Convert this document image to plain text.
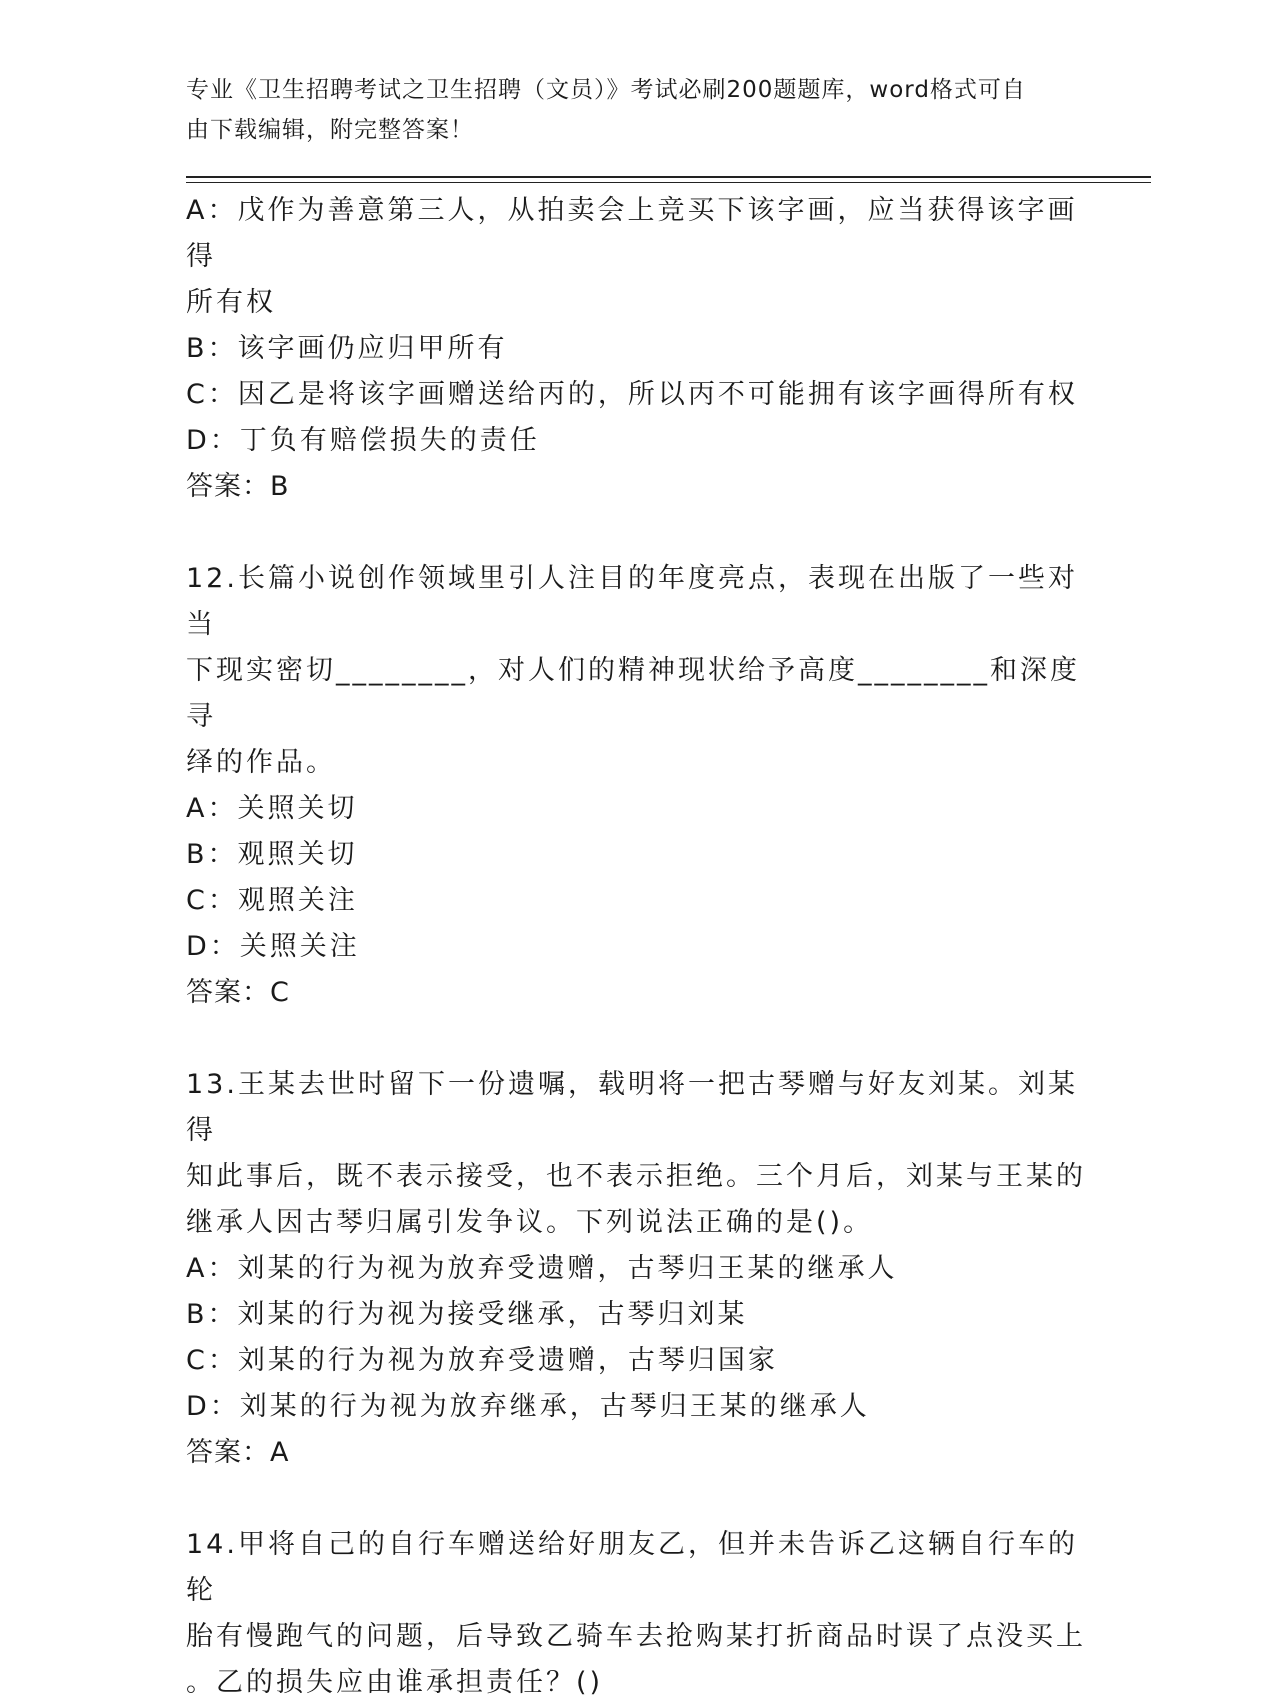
专业《卫生招聘考试之卫生招聘（文员）》考试必刷200题题库，word格式可自
由下载编辑，附完整答案！

A：戊作为善意第三人，从拍卖会上竞买下该字画，应当获得该字画得

所有权

B：该字画仍应归甲所有

C：因乙是将该字画赠送给丙的，所以丙不可能拥有该字画得所有权

D：丁负有赔偿损失的责任

答案：B

12.长篇小说创作领域里引人注目的年度亮点，表现在出版了一些对当

下现实密切________，对人们的精神现状给予高度________和深度寻

绎的作品。

A：关照关切

B：观照关切

C：观照关注

D：关照关注

答案：C

13.王某去世时留下一份遗嘱，载明将一把古琴赠与好友刘某。刘某得

知此事后，既不表示接受，也不表示拒绝。三个月后，刘某与王某的

继承人因古琴归属引发争议。下列说法正确的是()。

A：刘某的行为视为放弃受遗赠，古琴归王某的继承人

B：刘某的行为视为接受继承，古琴归刘某

C：刘某的行为视为放弃受遗赠，古琴归国家

D：刘某的行为视为放弃继承，古琴归王某的继承人

答案：A

14.甲将自己的自行车赠送给好朋友乙，但并未告诉乙这辆自行车的轮

胎有慢跑气的问题，后导致乙骑车去抢购某打折商品时误了点没买上

。乙的损失应由谁承担责任？()
